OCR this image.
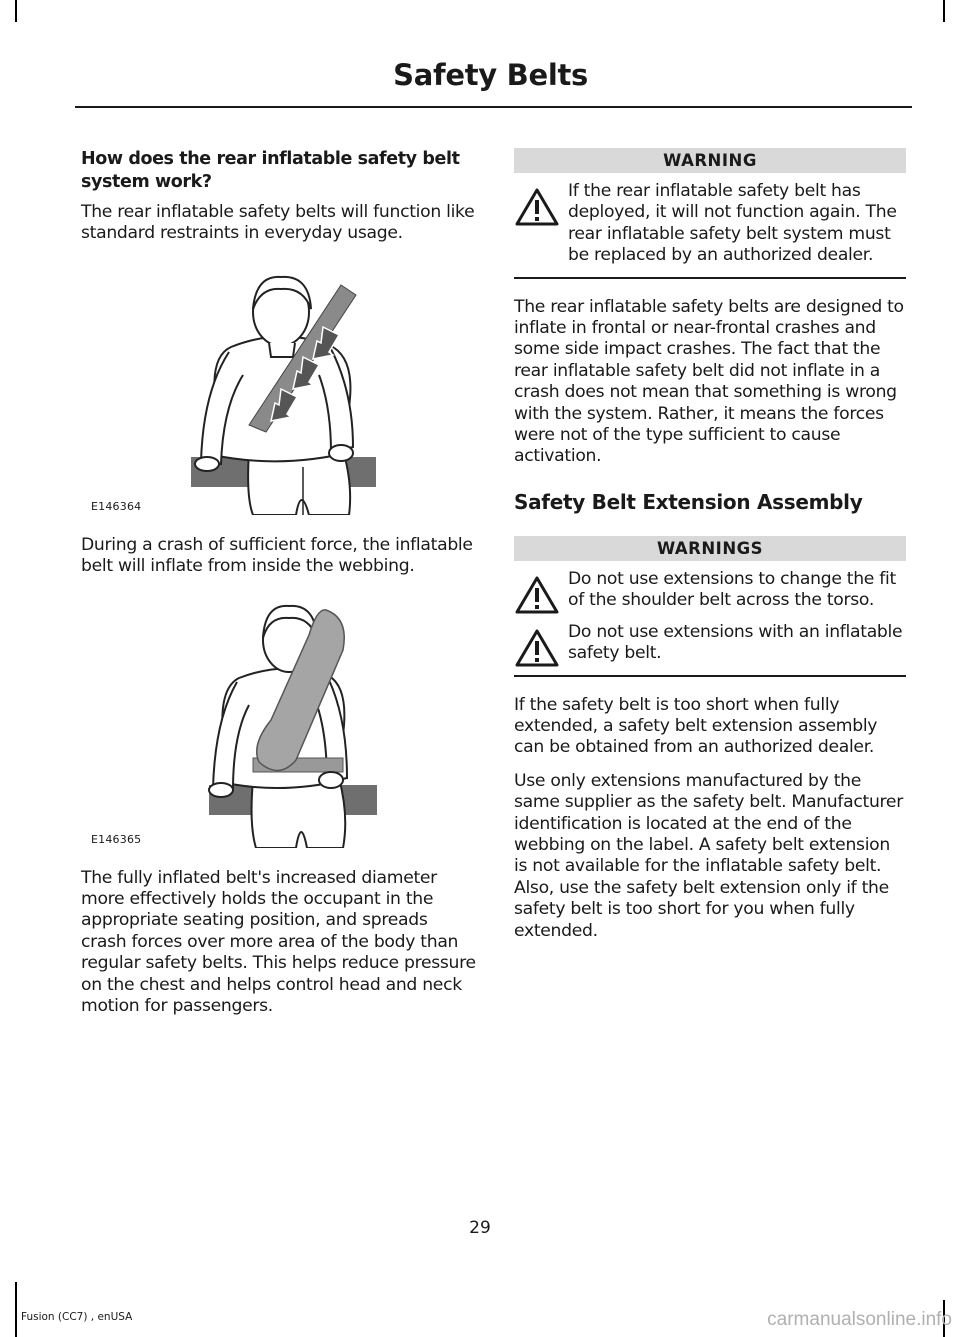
Safety Belts
How does the rear inflatable safety belt system work?

The rear inflatable safety belts will function like standard restraints in everyday usage.

E146364

During a crash of sufficient force, the inflatable belt will inflate from inside the webbing.

E146365

The fully inflated belt's increased diameter more effectively holds the occupant in the appropriate seating position, and spreads crash forces over more area of the body than regular safety belts. This helps reduce pressure on the chest and helps control head and neck motion for passengers.

WARNING
If the rear inflatable safety belt has deployed, it will not function again. The rear inflatable safety belt system must be replaced by an authorized dealer.

The rear inflatable safety belts are designed to inflate in frontal or near-frontal crashes and some side impact crashes. The fact that the rear inflatable safety belt did not inflate in a crash does not mean that something is wrong with the system. Rather, it means the forces were not of the type sufficient to cause activation.

Safety Belt Extension Assembly
WARNINGS
Do not use extensions to change the fit of the shoulder belt across the torso.
Do not use extensions with an inflatable safety belt.

If the safety belt is too short when fully extended, a safety belt extension assembly can be obtained from an authorized dealer.

Use only extensions manufactured by the same supplier as the safety belt. Manufacturer identification is located at the end of the webbing on the label. A safety belt extension is not available for the inflatable safety belt. Also, use the safety belt extension only if the safety belt is too short for you when fully extended.

29
Fusion (CC7) , enUSA	carmanualsonline.info
